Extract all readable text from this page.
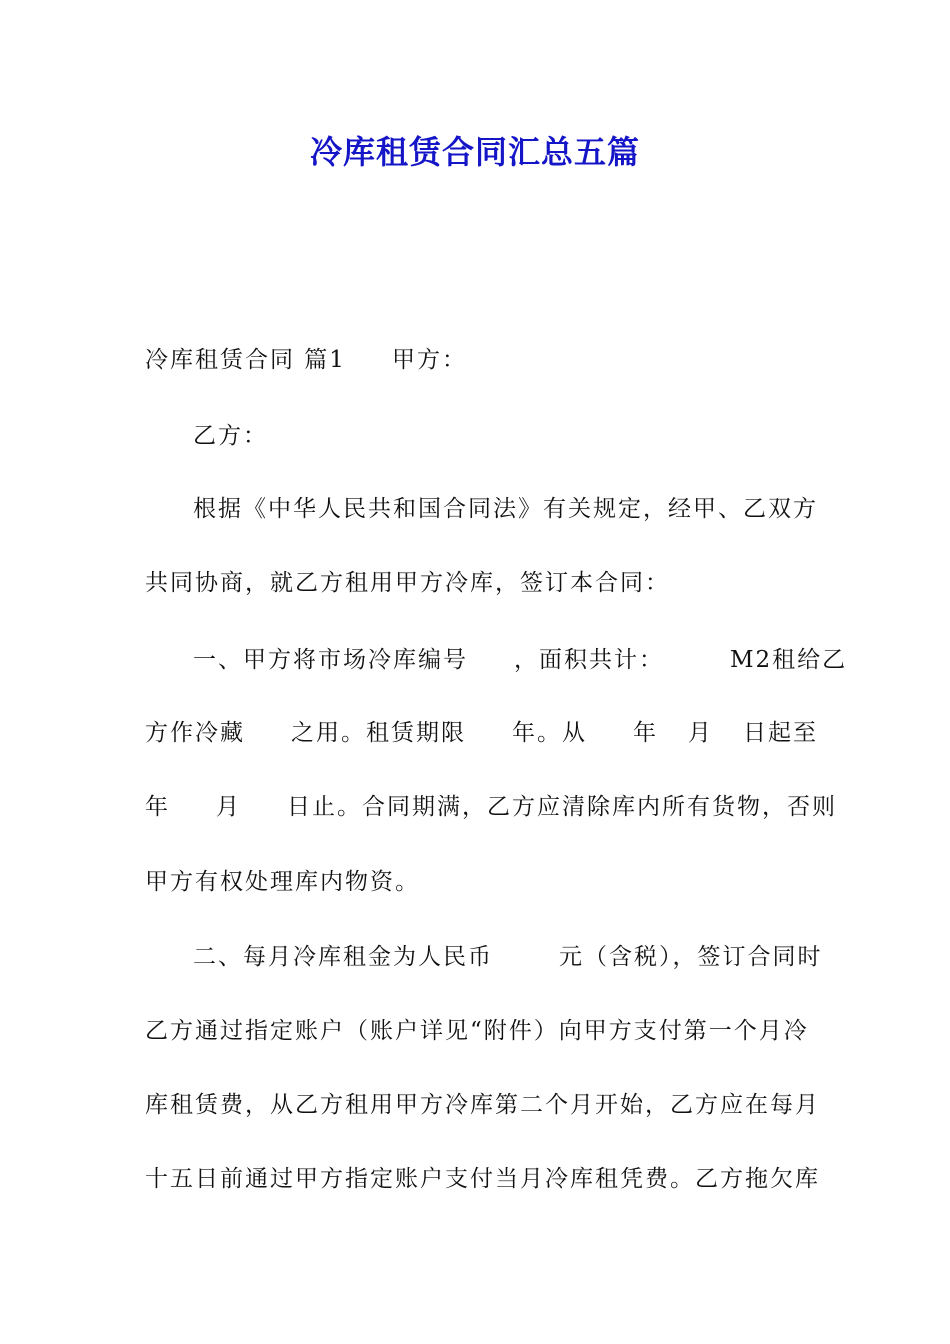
冷库租赁合同汇总五篇
冷库租赁合同 篇1 甲方：
乙方：
根据《中华人民共和国合同法》有关规定，经甲、乙双方
共同协商，就乙方租用甲方冷库，签订本合同：
一、甲方将市场冷库编号 ，面积共计：	M2租给乙
方作冷藏 之用。租赁期限 年。从 年 月 日起至
年 月 日止。合同期满，乙方应清除库内所有货物，否则
甲方有权处理库内物资。
二、每月冷库租金为人民币	元（含税），签订合同时
乙方通过指定账户（账户详见“附件）向甲方支付第一个月冷
库租赁费，从乙方租用甲方冷库第二个月开始，乙方应在每月
十五日前通过甲方指定账户支付当月冷库租凭费。乙方拖欠库
